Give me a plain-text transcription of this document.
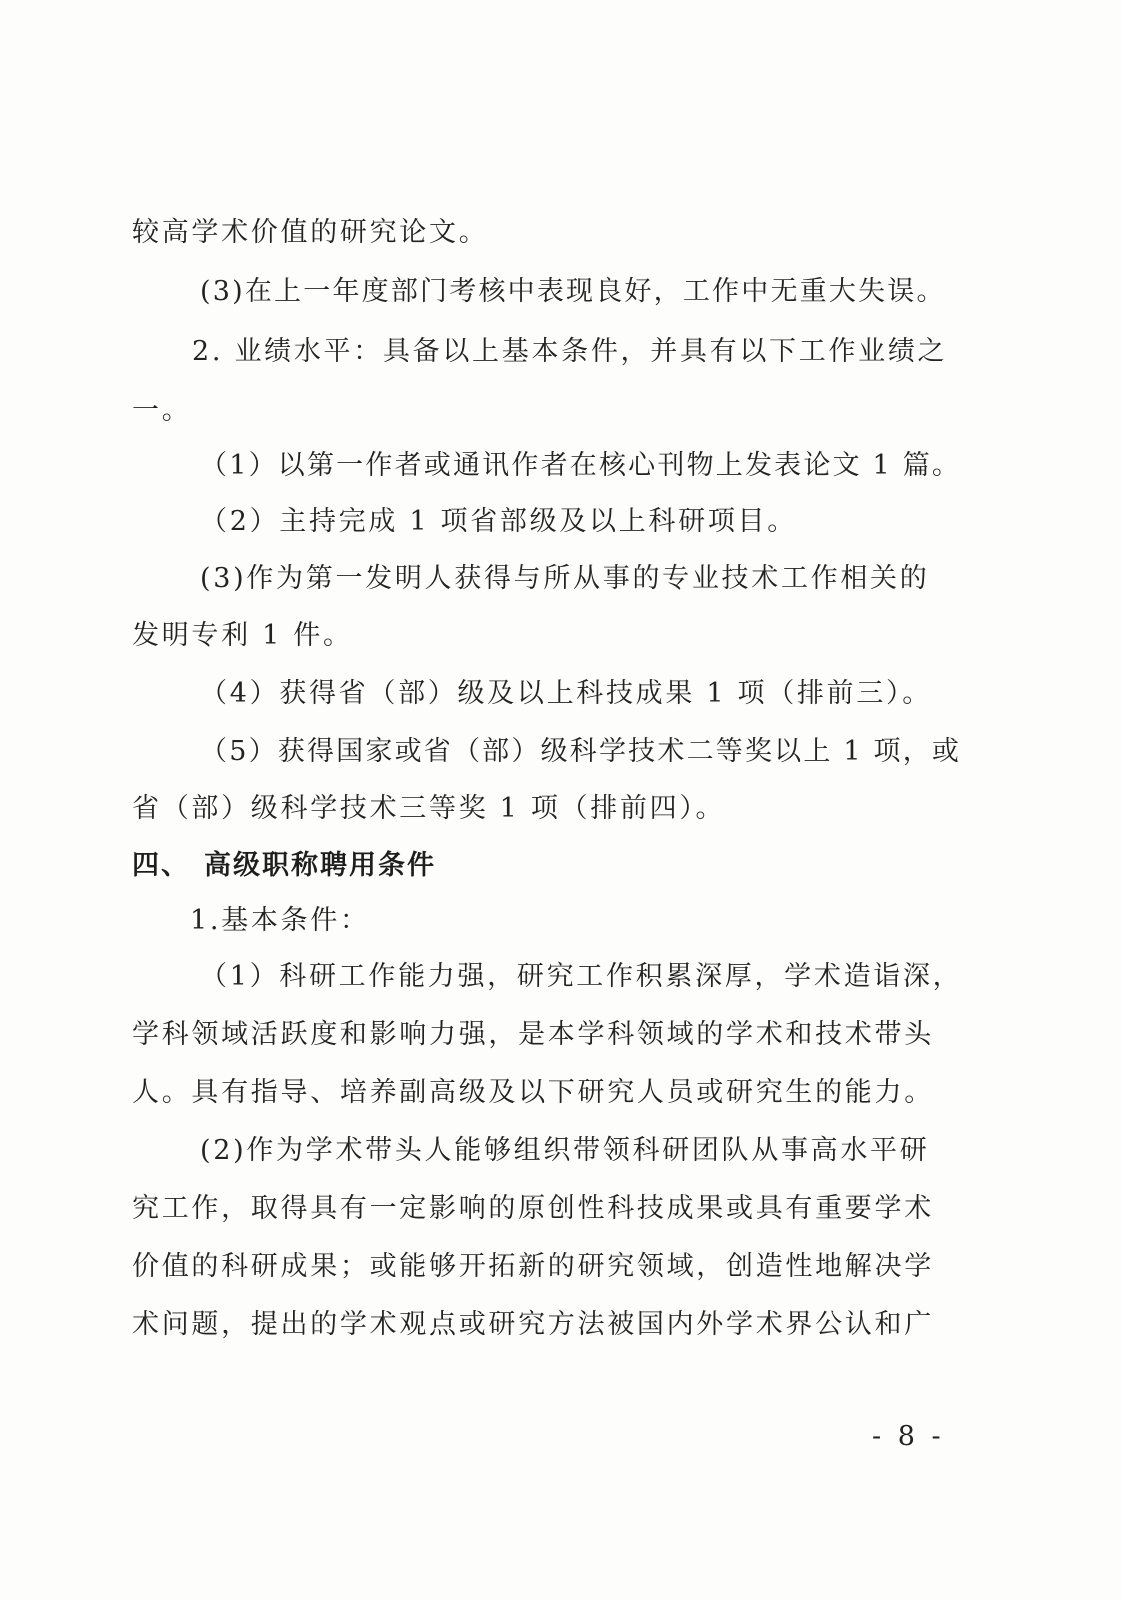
较高学术价值的研究论文。
(3)在上一年度部门考核中表现良好，工作中无重大失误。
2. 业绩水平：具备以上基本条件，并具有以下工作业绩之
一。
（1）以第一作者或通讯作者在核心刊物上发表论文 1 篇。
（2）主持完成 1 项省部级及以上科研项目。
(3)作为第一发明人获得与所从事的专业技术工作相关的
发明专利 1 件。
（4）获得省（部）级及以上科技成果 1 项（排前三）。
（5）获得国家或省（部）级科学技术二等奖以上 1 项，或
省（部）级科学技术三等奖 1 项（排前四）。
四、 高级职称聘用条件
1.基本条件：
（1）科研工作能力强，研究工作积累深厚，学术造诣深，
学科领域活跃度和影响力强，是本学科领域的学术和技术带头
人。具有指导、培养副高级及以下研究人员或研究生的能力。
(2)作为学术带头人能够组织带领科研团队从事高水平研
究工作，取得具有一定影响的原创性科技成果或具有重要学术
价值的科研成果；或能够开拓新的研究领域，创造性地解决学
术问题，提出的学术观点或研究方法被国内外学术界公认和广
- 8 -
